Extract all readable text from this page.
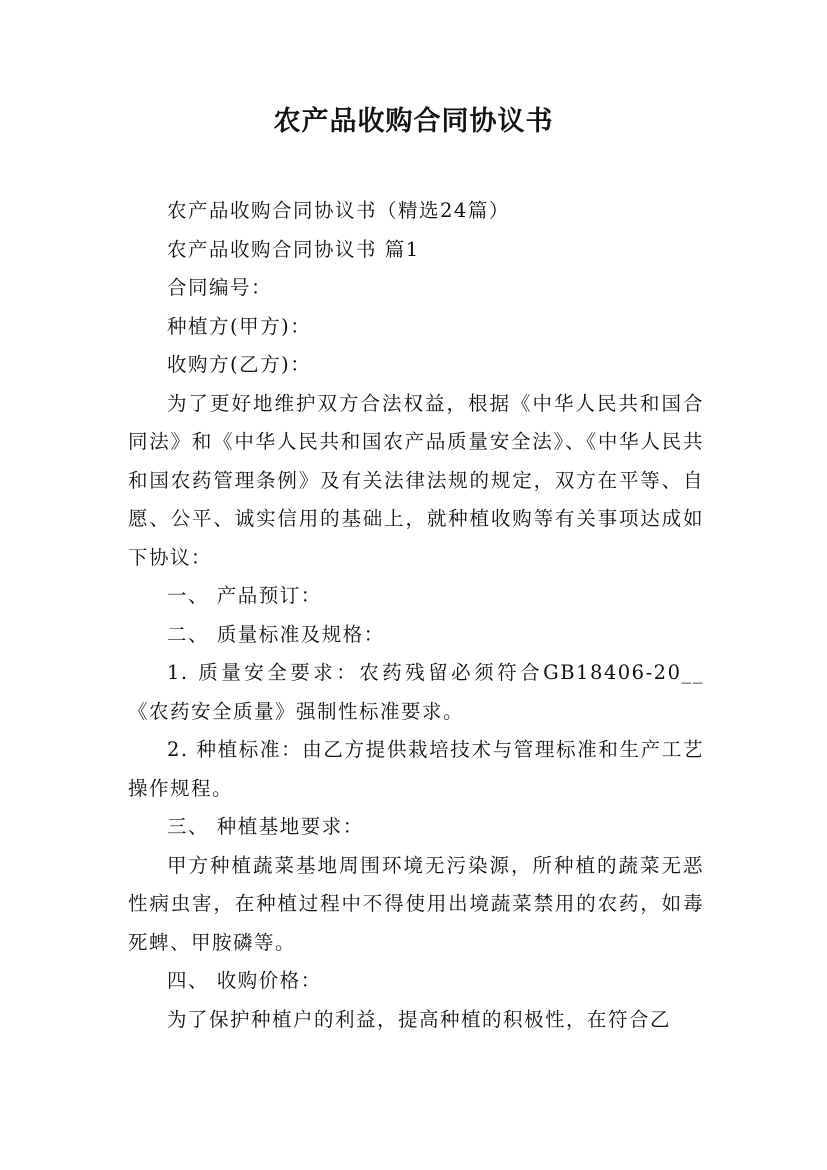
农产品收购合同协议书

农产品收购合同协议书（精选24篇）

农产品收购合同协议书 篇1

合同编号：

种植方(甲方)：

收购方(乙方)：

为了更好地维护双方合法权益，根据《中华人民共和国合同法》和《中华人民共和国农产品质量安全法》、《中华人民共和国农药管理条例》及有关法律法规的规定，双方在平等、自愿、公平、诚实信用的基础上，就种植收购等有关事项达成如下协议：

一、 产品预订：

二、 质量标准及规格：

1. 质量安全要求：农药残留必须符合GB18406-20__《农药安全质量》强制性标准要求。

2. 种植标准：由乙方提供栽培技术与管理标准和生产工艺操作规程。

三、 种植基地要求：

甲方种植蔬菜基地周围环境无污染源，所种植的蔬菜无恶性病虫害，在种植过程中不得使用出境蔬菜禁用的农药，如毒死蜱、甲胺磷等。

四、 收购价格：

为了保护种植户的利益，提高种植的积极性，在符合乙
